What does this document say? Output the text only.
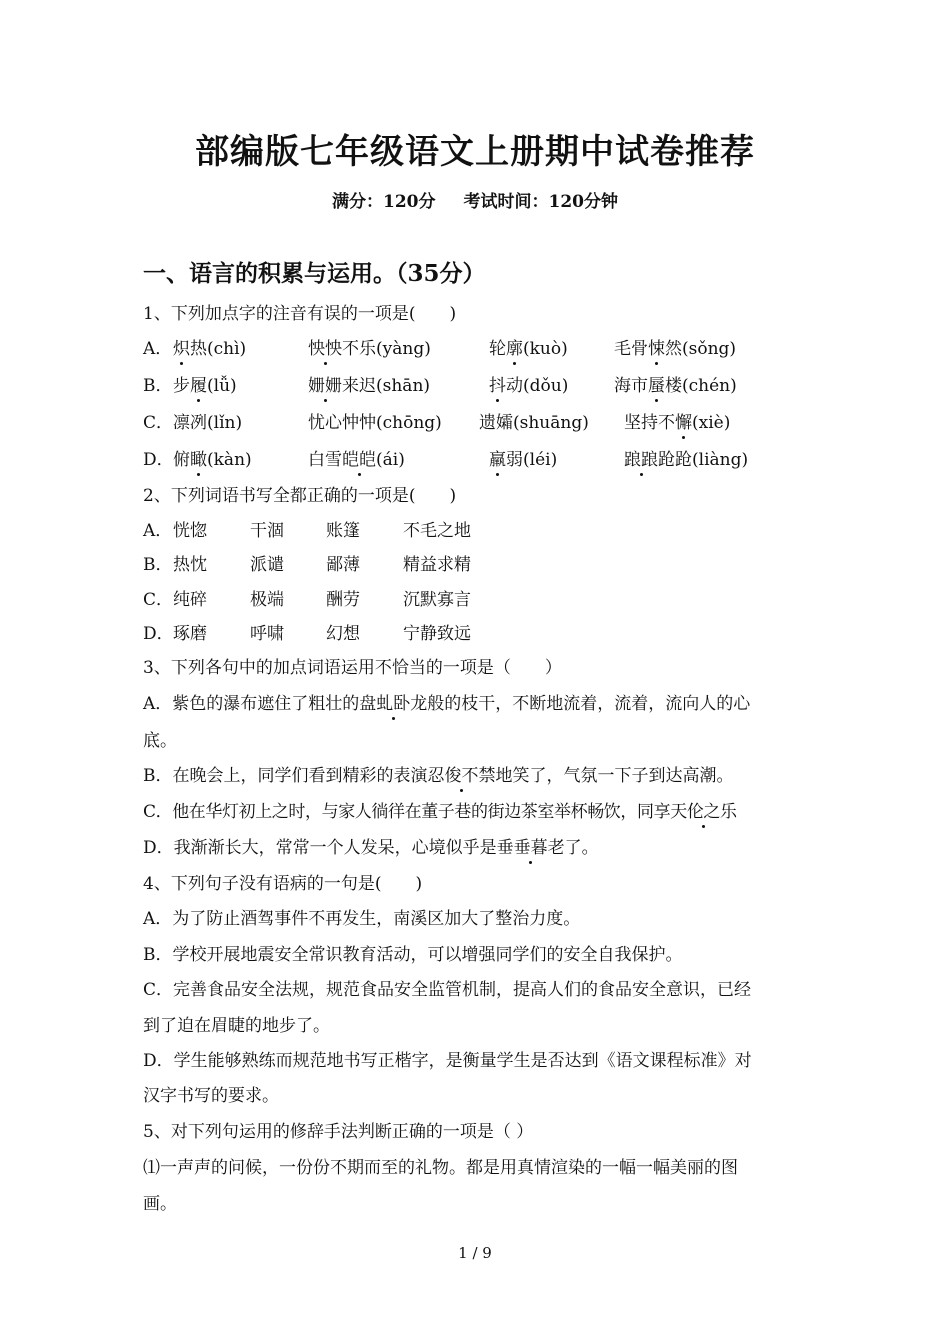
部编版七年级语文上册期中试卷推荐
满分：120分 考试时间：120分钟
一、语言的积累与运用。（35分）
1、下列加点字的注音有误的一项是(　　)
A． 炽热(chì)	怏怏不乐(yàng)	轮廓(kuò)	毛骨悚然(sǒng)
B． 步履(lǚ)	姗姗来迟(shān)	抖动(dǒu)	海市蜃楼(chén)
C． 凛冽(lǐn)	忧心忡忡(chōng) 遗孀(shuāng) 坚持不懈(xiè)
D． 俯瞰(kàn)	白雪皑皑(ái)	羸弱(léi)	踉踉跄跄(liàng)
2、下列词语书写全都正确的一项是(　　)
A． 恍惚	干涸 账篷	不毛之地
B． 热忱	派谴 鄙薄	精益求精
C． 纯碎	极端 酬劳	沉默寡言
D． 琢磨	呼啸 幻想	宁静致远
3、下列各句中的加点词语运用不恰当的一项是（　　）
A．紫色的瀑布遮住了粗壮的盘虬卧龙般的枝干，不断地流着，流着，流向人的心
底。
B．在晚会上，同学们看到精彩的表演忍俊不禁地笑了，气氛一下子到达高潮。
C．他在华灯初上之时，与家人徜徉在董子巷的街边茶室举杯畅饮，同享天伦之乐
D．我渐渐长大，常常一个人发呆，心境似乎是垂垂暮老了。
4、下列句子没有语病的一句是(　　)
A．为了防止酒驾事件不再发生，南溪区加大了整治力度。
B．学校开展地震安全常识教育活动，可以增强同学们的安全自我保护。
C．完善食品安全法规，规范食品安全监管机制，提高人们的食品安全意识，已经
到了迫在眉睫的地步了。
D．学生能够熟练而规范地书写正楷字，是衡量学生是否达到《语文课程标准》对
汉字书写的要求。
5、对下列句运用的修辞手法判断正确的一项是（ ）
⑴一声声的问候，一份份不期而至的礼物。都是用真情渲染的一幅一幅美丽的图
画。
1 / 9
